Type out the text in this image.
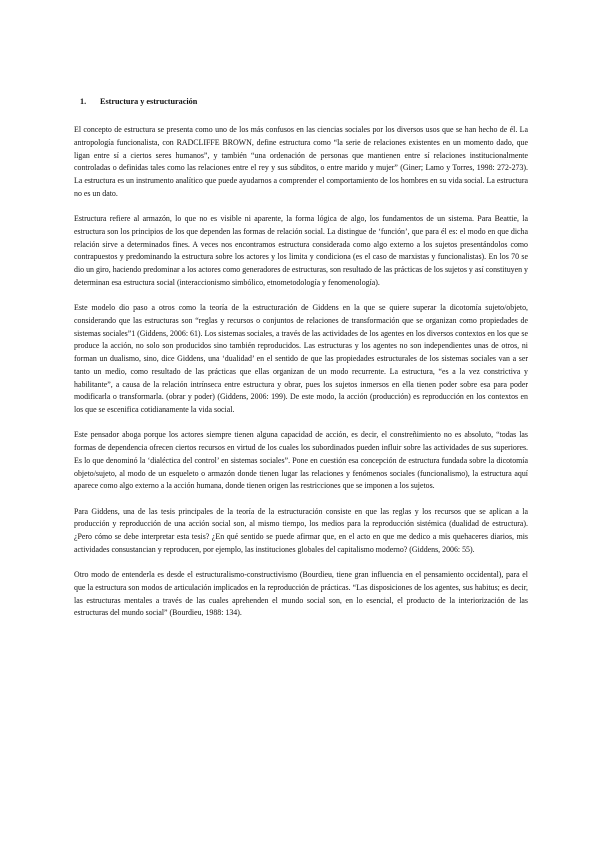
1. Estructura y estructuración

El concepto de estructura se presenta como uno de los más confusos en las ciencias sociales por los diversos usos que se han hecho de él. La antropología funcionalista, con RADCLIFFE BROWN, define estructura como “la serie de relaciones existentes en un momento dado, que ligan entre sí a ciertos seres humanos”, y también “una ordenación de personas que mantienen entre sí relaciones institucionalmente controladas o definidas tales como las relaciones entre el rey y sus súbditos, o entre marido y mujer” (Giner; Lamo y Torres, 1998: 272-273). La estructura es un instrumento analítico que puede ayudarnos a comprender el comportamiento de los hombres en su vida social. La estructura no es un dato.

Estructura refiere al armazón, lo que no es visible ni aparente, la forma lógica de algo, los fundamentos de un sistema. Para Beattie, la estructura son los principios de los que dependen las formas de relación social. La distingue de ‘función’, que para él es: el modo en que dicha relación sirve a determinados fines. A veces nos encontramos estructura considerada como algo externo a los sujetos presentándolos como contrapuestos y predominando la estructura sobre los actores y los limita y condiciona (es el caso de marxistas y funcionalistas). En los 70 se dio un giro, haciendo predominar a los actores como generadores de estructuras, son resultado de las prácticas de los sujetos y así constituyen y determinan esa estructura social (interaccionismo simbólico, etnometodología y fenomenología).

Este modelo dio paso a otros como la teoría de la estructuración de Giddens en la que se quiere superar la dicotomía sujeto/objeto, considerando que las estructuras son “reglas y recursos o conjuntos de relaciones de transformación que se organizan como propiedades de sistemas sociales”1 (Giddens, 2006: 61). Los sistemas sociales, a través de las actividades de los agentes en los diversos contextos en los que se produce la acción, no solo son producidos sino también reproducidos. Las estructuras y los agentes no son independientes unas de otros, ni forman un dualismo, sino, dice Giddens, una ‘dualidad’ en el sentido de que las propiedades estructurales de los sistemas sociales van a ser tanto un medio, como resultado de las prácticas que ellas organizan de un modo recurrente. La estructura, “es a la vez constrictiva y habilitante”, a causa de la relación intrínseca entre estructura y obrar, pues los sujetos inmersos en ella tienen poder sobre esa para poder modificarla o transformarla. (obrar y poder) (Giddens, 2006: 199). De este modo, la acción (producción) es reproducción en los contextos en los que se escenifica cotidianamente la vida social.

Este pensador aboga porque los actores siempre tienen alguna capacidad de acción, es decir, el constreñimiento no es absoluto, “todas las formas de dependencia ofrecen ciertos recursos en virtud de los cuales los subordinados pueden influir sobre las actividades de sus superiores. Es lo que denominó la ‘dialéctica del control’ en sistemas sociales”. Pone en cuestión esa concepción de estructura fundada sobre la dicotomía objeto/sujeto, al modo de un esqueleto o armazón donde tienen lugar las relaciones y fenómenos sociales (funcionalismo), la estructura aquí aparece como algo externo a la acción humana, donde tienen origen las restricciones que se imponen a los sujetos.

Para Giddens, una de las tesis principales de la teoría de la estructuración consiste en que las reglas y los recursos que se aplican a la producción y reproducción de una acción social son, al mismo tiempo, los medios para la reproducción sistémica (dualidad de estructura). ¿Pero cómo se debe interpretar esta tesis? ¿En qué sentido se puede afirmar que, en el acto en que me dedico a mis quehaceres diarios, mis actividades consustancian y reproducen, por ejemplo, las instituciones globales del capitalismo moderno? (Giddens, 2006: 55).

Otro modo de entenderla es desde el estructuralismo-constructivismo (Bourdieu, tiene gran influencia en el pensamiento occidental), para el que la estructura son modos de articulación implicados en la reproducción de prácticas. “Las disposiciones de los agentes, sus habitus; es decir, las estructuras mentales a través de las cuales aprehenden el mundo social son, en lo esencial, el producto de la interiorización de las estructuras del mundo social” (Bourdieu, 1988: 134).
